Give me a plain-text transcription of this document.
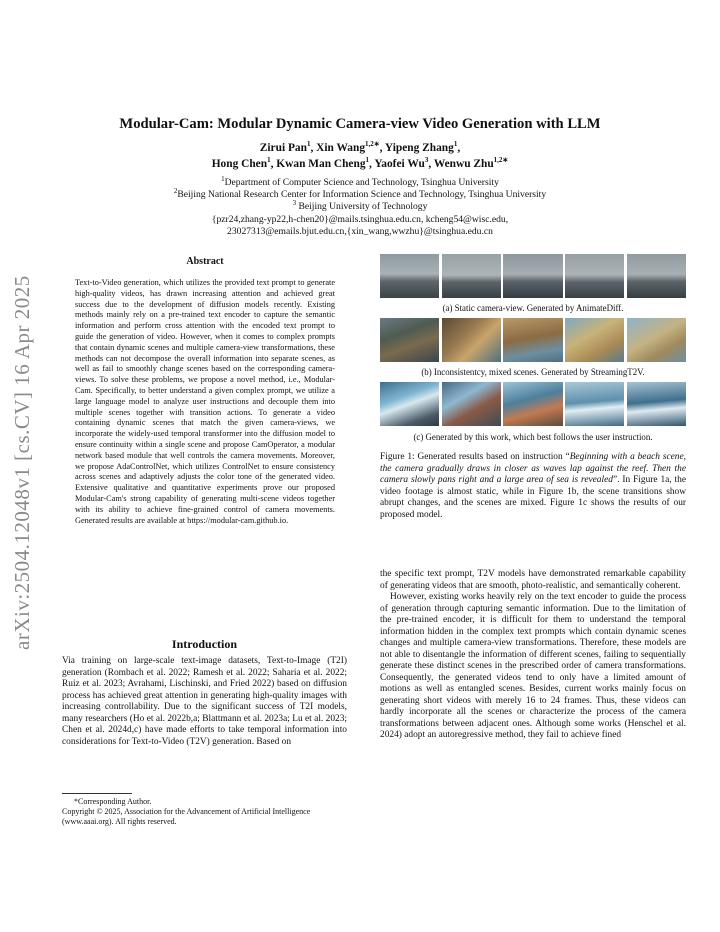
arXiv:2504.12048v1 [cs.CV] 16 Apr 2025
Modular-Cam: Modular Dynamic Camera-view Video Generation with LLM
Zirui Pan$^1$, Xin Wang$^{1,2∗}$, Yipeng Zhang$^1$,
Hong Chen$^1$, Kwan Man Cheng$^1$, Yaofei Wu$^3$, Wenwu Zhu$^{1,2∗}$
$^1$Department of Computer Science and Technology, Tsinghua University
$^2$Beijing National Research Center for Information Science and Technology, Tsinghua University
$^3$ Beijing University of Technology
{pzr24,zhang-yp22,h-chen20}@mails.tsinghua.edu.cn, kcheng54@wisc.edu,
23027313@emails.bjut.edu.cn,{xin_wang,wwzhu}@tsinghua.edu.cn
Abstract
Text-to-Video generation, which utilizes the provided text prompt to generate high-quality videos, has drawn increasing attention and achieved great success due to the development of diffusion models recently. Existing methods mainly rely on a pre-trained text encoder to capture the semantic information and perform cross attention with the encoded text prompt to guide the generation of video. However, when it comes to complex prompts that contain dynamic scenes and multiple camera-view transformations, these methods can not decompose the overall information into separate scenes, as well as fail to smoothly change scenes based on the corresponding camera-views. To solve these problems, we propose a novel method, i.e., Modular-Cam. Specifically, to better understand a given complex prompt, we utilize a large language model to analyze user instructions and decouple them into multiple scenes together with transition actions. To generate a video containing dynamic scenes that match the given camera-views, we incorporate the widely-used temporal transformer into the diffusion model to ensure continuity within a single scene and propose CamOperator, a modular network based module that well controls the camera movements. Moreover, we propose AdaControlNet, which utilizes ControlNet to ensure consistency across scenes and adaptively adjusts the color tone of the generated video. Extensive qualitative and quantitative experiments prove our proposed Modular-Cam's strong capability of generating multi-scene videos together with its ability to achieve fine-grained control of camera movements. Generated results are available at https://modular-cam.github.io.
Introduction
Via training on large-scale text-image datasets, Text-to-Image (T2I) generation (Rombach et al. 2022; Ramesh et al. 2022; Saharia et al. 2022; Ruiz et al. 2023; Avrahami, Lischinski, and Fried 2022) based on diffusion process has achieved great attention in generating high-quality images with increasing controllability. Due to the significant success of T2I models, many researchers (Ho et al. 2022b,a; Blattmann et al. 2023a; Lu et al. 2023; Chen et al. 2024d,c) have made efforts to take temporal information into considerations for Text-to-Video (T2V) generation. Based on
*Corresponding Author.
Copyright © 2025, Association for the Advancement of Artificial Intelligence (www.aaai.org). All rights reserved.
(a) Static camera-view. Generated by AnimateDiff.
(b) Inconsistentcy, mixed scenes. Generated by StreamingT2V.
(c) Generated by this work, which best follows the user instruction.
Figure 1: Generated results based on instruction “Beginning with a beach scene, the camera gradually draws in closer as waves lap against the reef. Then the camera slowly pans right and a large area of sea is revealed”. In Figure 1a, the video footage is almost static, while in Figure 1b, the scene transitions show abrupt changes, and the scenes are mixed. Figure 1c shows the results of our proposed model.

the specific text prompt, T2V models have demonstrated remarkable capability of generating videos that are smooth, photo-realistic, and semantically coherent.

However, existing works heavily rely on the text encoder to guide the process of generation through capturing semantic information. Due to the limitation of the pre-trained encoder, it is difficult for them to understand the temporal information hidden in the complex text prompts which contain dynamic scenes changes and multiple camera-view transformations. Therefore, these models are not able to disentangle the information of different scenes, failing to sequentially generate these distinct scenes in the prescribed order of camera transformations. Consequently, the generated videos tend to only have a limited amount of motions as well as entangled scenes. Besides, current works mainly focus on generating short videos with merely 16 to 24 frames. Thus, these videos can hardly incorporate all the scenes or characterize the process of the camera transformations between adjacent ones. Although some works (Henschel et al. 2024) adopt an autoregressive method, they fail to achieve fined
